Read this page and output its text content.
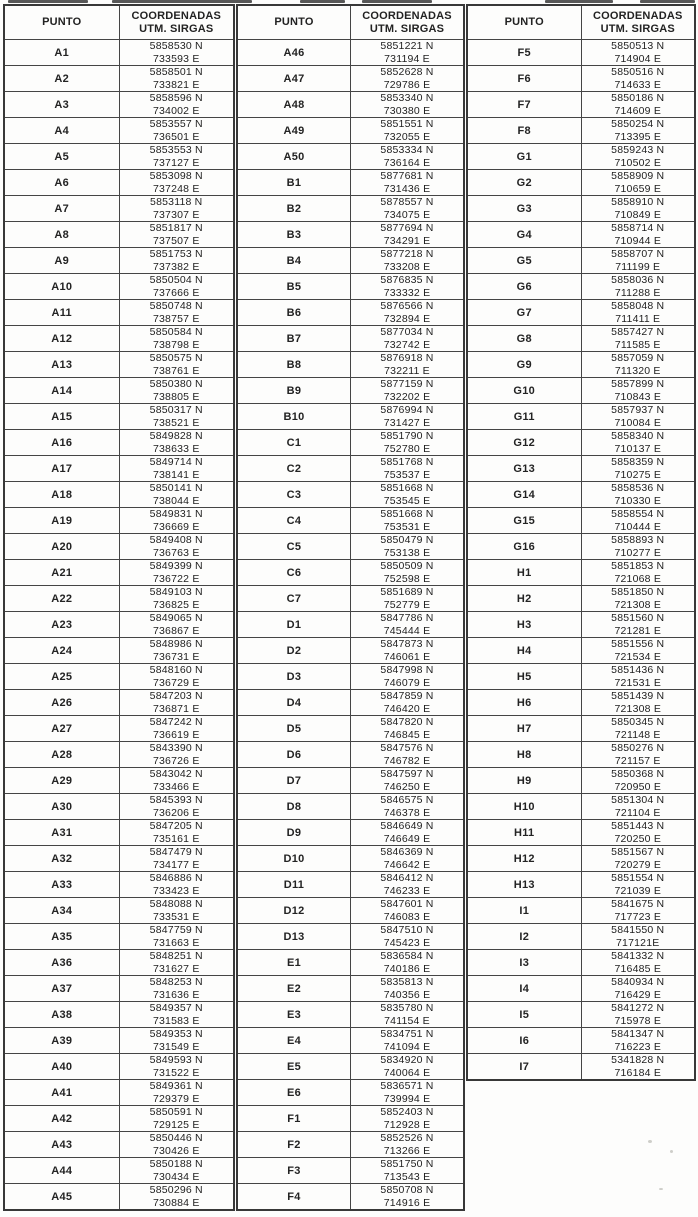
PUNTO	COORDENADAS UTM. SIRGAS
A1	5858530 N
733593 E

A2	5858501 N
733821 E

A3	5858596 N
734002 E

A4	5853557 N
736501 E

A5	5853553 N
737127 E

A6	5853098 N
737248 E

A7	5853118 N
737307 E

A8	5851817 N
737507 E

A9	5851753 N
737382 E

A10	5850504 N
737666 E

A11	5850748 N
738757 E

A12	5850584 N
738798 E

A13	5850575 N
738761 E

A14	5850380 N
738805 E

A15	5850317 N
738521 E

A16	5849828 N
738633 E

A17	5849714 N
738141 E

A18	5850141 N
738044 E

A19	5849831 N
736669 E

A20	5849408 N
736763 E

A21	5849399 N
736722 E

A22	5849103 N
736825 E

A23	5849065 N
736867 E

A24	5848986 N
736731 E

A25	5848160 N
736729 E

A26	5847203 N
736871 E

A27	5847242 N
736619 E

A28	5843390 N
736726 E

A29	5843042 N
733466 E

A30	5845393 N
736206 E

A31	5847205 N
735161 E

A32	5847479 N
734177 E

A33	5846886 N
733423 E

A34	5848088 N
733531 E

A35	5847759 N
731663 E

A36	5848251 N
731627 E

A37	5848253 N
731636 E

A38	5849357 N
731583 E

A39	5849353 N
731549 E

A40	5849593 N
731522 E

A41	5849361 N
729379 E

A42	5850591 N
729125 E

A43	5850446 N
730426 E

A44	5850188 N
730434 E

A45	5850296 N
730884 E
PUNTO	COORDENADAS UTM. SIRGAS
A46	5851221 N
731194 E

A47	5852628 N
729786 E

A48	5853340 N
730380 E

A49	5851551 N
732055 E

A50	5853334 N
736164 E

B1	5877681 N
731436 E

B2	5878557 N
734075 E

B3	5877694 N
734291 E

B4	5877218 N
733208 E

B5	5876835 N
733332 E

B6	5876566 N
732894 E

B7	5877034 N
732742 E

B8	5876918 N
732211 E

B9	5877159 N
732202 E

B10	5876994 N
731427 E

C1	5851790 N
752780 E

C2	5851768 N
753537 E

C3	5851668 N
753545 E

C4	5851668 N
753531 E

C5	5850479 N
753138 E

C6	5850509 N
752598 E

C7	5851689 N
752779 E

D1	5847786 N
745444 E

D2	5847873 N
746061 E

D3	5847998 N
746079 E

D4	5847859 N
746420 E

D5	5847820 N
746845 E

D6	5847576 N
746782 E

D7	5847597 N
746250 E

D8	5846575 N
746378 E

D9	5846649 N
746649 E

D10	5846369 N
746642 E

D11	5846412 N
746233 E

D12	5847601 N
746083 E

D13	5847510 N
745423 E

E1	5836584 N
740186 E

E2	5835813 N
740356 E

E3	5835780 N
741154 E

E4	5834751 N
741094 E

E5	5834920 N
740064 E

E6	5836571 N
739994 E

F1	5852403 N
712928 E

F2	5852526 N
713266 E

F3	5851750 N
713543 E

F4	5850708 N
714916 E
PUNTO	COORDENADAS UTM. SIRGAS
F5	5850513 N
714904 E

F6	5850516 N
714633 E

F7	5850186 N
714609 E

F8	5850254 N
713395 E

G1	5859243 N
710502 E

G2	5858909 N
710659 E

G3	5858910 N
710849 E

G4	5858714 N
710944 E

G5	5858707 N
711199 E

G6	5858036 N
711288 E

G7	5858048 N
711411 E

G8	5857427 N
711585 E

G9	5857059 N
711320 E

G10	5857899 N
710843 E

G11	5857937 N
710084 E

G12	5858340 N
710137 E

G13	5858359 N
710275 E

G14	5858536 N
710330 E

G15	5858554 N
710444 E

G16	5858893 N
710277 E

H1	5851853 N
721068 E

H2	5851850 N
721308 E

H3	5851560 N
721281 E

H4	5851556 N
721534 E

H5	5851436 N
721531 E

H6	5851439 N
721308 E

H7	5850345 N
721148 E

H8	5850276 N
721157 E

H9	5850368 N
720950 E

H10	5851304 N
721104 E

H11	5851443 N
720250 E

H12	5851567 N
720279 E

H13	5851554 N
721039 E

I1	5841675 N
717723 E

I2	5841550 N
717121E

I3	5841332 N
716485 E

I4	5840934 N
716429 E

I5	5841272 N
715978 E

I6	5841347 N
716223 E

I7	5341828 N
716184 E
